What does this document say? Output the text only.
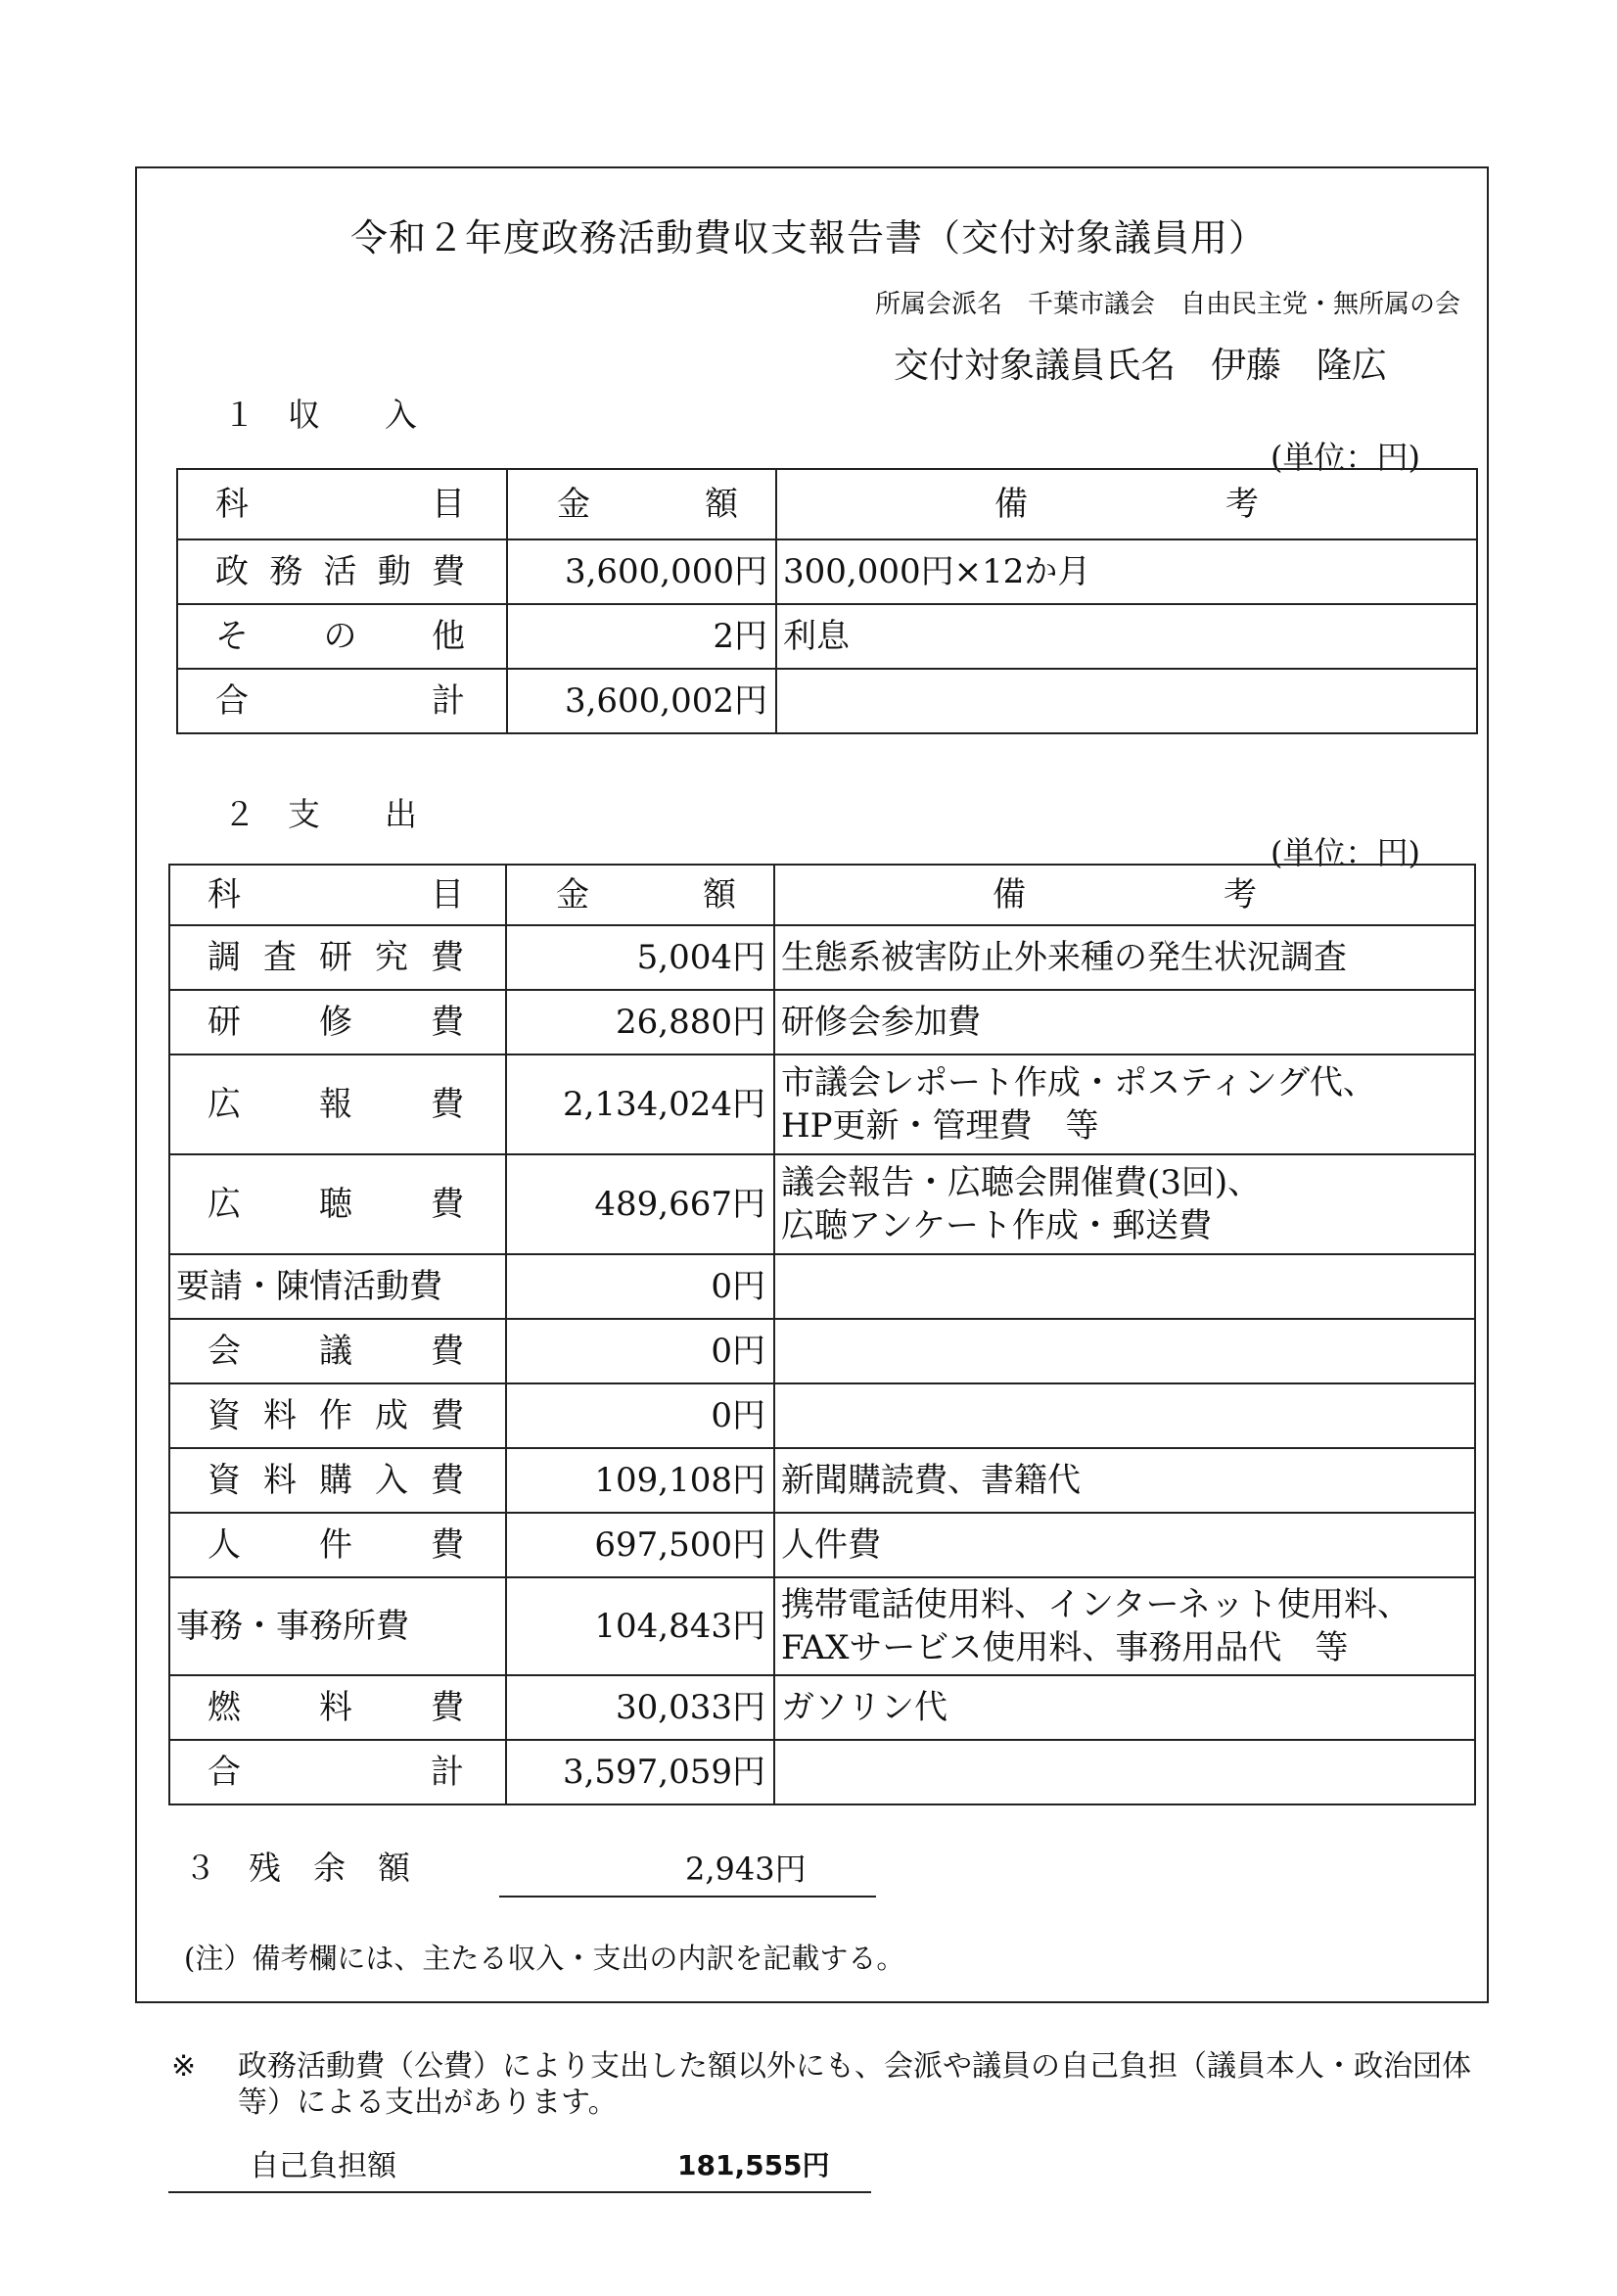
令和２年度政務活動費収支報告書（交付対象議員用）
所属会派名　千葉市議会　自由民主党・無所属の会
交付対象議員氏名　伊藤　隆広
１　収　　入
(単位：円)
科目	金額	備考
政務活動費	3,600,000円	300,000円×12か月
その他	2円	利息
合計	3,600,002円	
２　支　　出
(単位：円)
科目	金額	備考
調査研究費	5,004円	生態系被害防止外来種の発生状況調査
研修費	26,880円	研修会参加費
広報費	2,134,024円	市議会レポート作成・ポスティング代、
HP更新・管理費　等

広聴費	489,667円	議会報告・広聴会開催費(3回)、
広聴アンケート作成・郵送費

要請・陳情活動費	0円	
会議費	0円	
資料作成費	0円	
資料購入費	109,108円	新聞購読費、書籍代
人件費	697,500円	人件費
事務・事務所費	104,843円	携帯電話使用料、インターネット使用料、
FAXサービス使用料、事務用品代　等

燃料費	30,033円	ガソリン代
合計	3,597,059円	
３　残　余　額	2,943円
(注）備考欄には、主たる収入・支出の内訳を記載する。
※ 政務活動費（公費）により支出した額以外にも、会派や議員の自己負担（議員本人・政治団体等）による支出があります。
自己負担額	181,555円
